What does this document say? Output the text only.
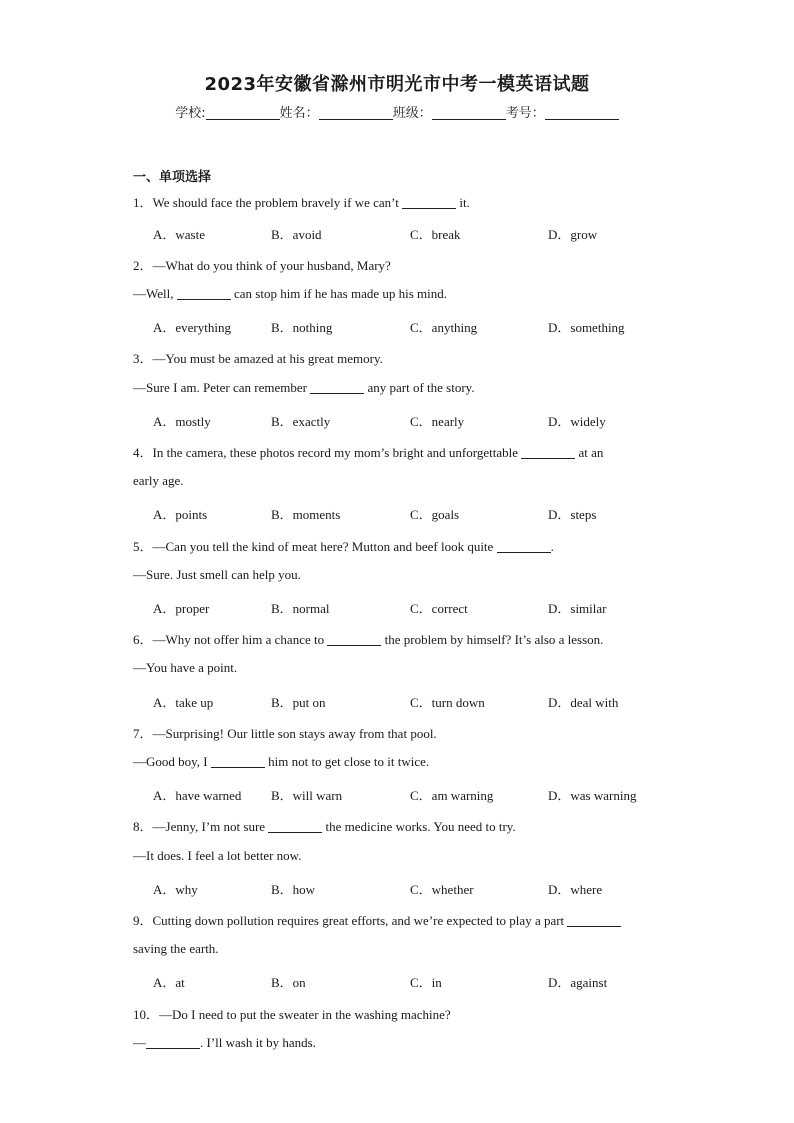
2023年安徽省滁州市明光市中考一模英语试题
学校:	姓名：	班级：	考号：
一、单项选择
1．We should face the problem bravely if we can’t	it.
A．waste	B．avoid	C．break	D．grow
2．—What do you think of your husband, Mary?
—Well,	can stop him if he has made up his mind.
A．everything	B．nothing	C．anything	D．something
3．—You must be amazed at his great memory.
—Sure I am. Peter can remember	any part of the story.
A．mostly	B．exactly	C．nearly	D．widely
4．In the camera, these photos record my mom’s bright and unforgettable	at an
early age.
A．points	B．moments	C．goals	D．steps
5．—Can you tell the kind of meat here? Mutton and beef look quite	.
—Sure. Just smell can help you.
A．proper	B．normal	C．correct	D．similar
6．—Why not offer him a chance to	the problem by himself? It’s also a lesson.
—You have a point.
A．take up	B．put on	C．turn down	D．deal with
7．—Surprising! Our little son stays away from that pool.
—Good boy, I	him not to get close to it twice.
A．have warned B．will warn	C．am warning	D．was warning
8．—Jenny, I’m not sure	the medicine works. You need to try.
—It does. I feel a lot better now.
A．why	B．how	C．whether	D．where
9．Cutting down pollution requires great efforts, and we’re expected to play a part
saving the earth.
A．at	B．on	C．in	D．against
10．—Do I need to put the sweater in the washing machine?
—	. I’ll wash it by hands.
